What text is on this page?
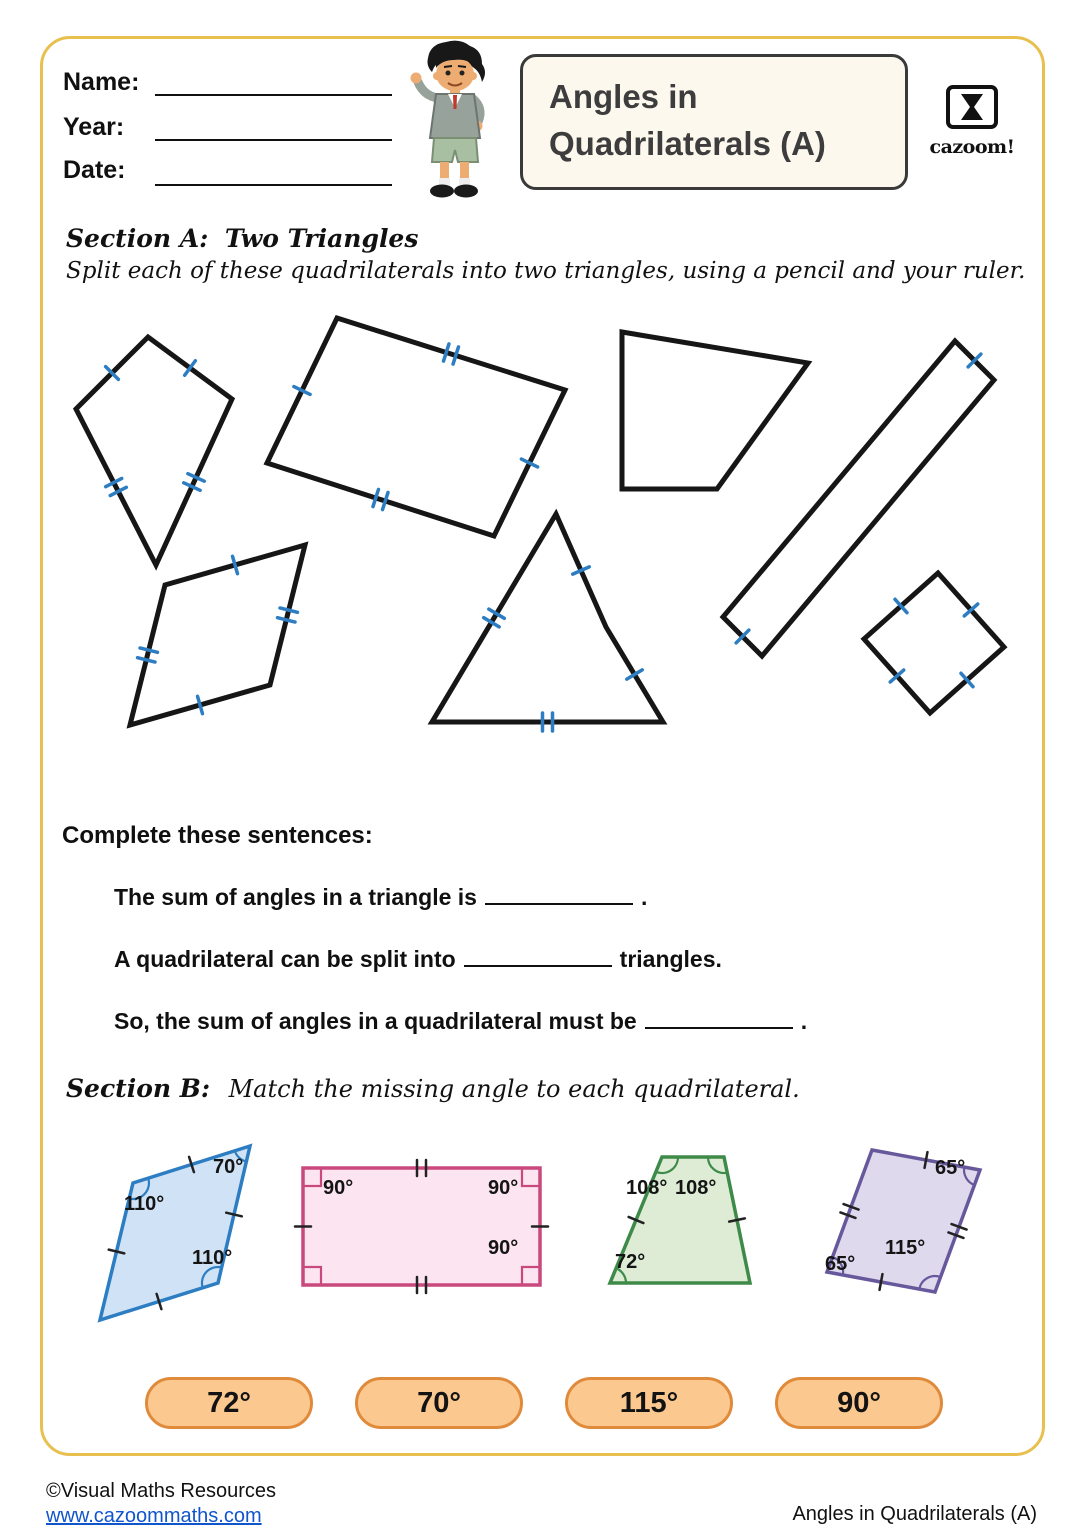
Name:
Year:
Date:
Angles in
Quadrilaterals (A)	cazoom!
Section A: Two Triangles
Split each of these quadrilaterals into two triangles, using a pencil and your ruler.
Complete these sentences:
The sum of angles in a triangle is	.
A quadrilateral can be split into	triangles.
So, the sum of angles in a quadrilateral must be	.
Section B: Match the missing angle to each quadrilateral.
70°
110°
110°
90°	90°
90°
108° 108°
72°
65°
115°
65°
72°	70°	115°	90°
©Visual Maths Resources
www.cazoommaths.com	Angles in Quadrilaterals (A)
